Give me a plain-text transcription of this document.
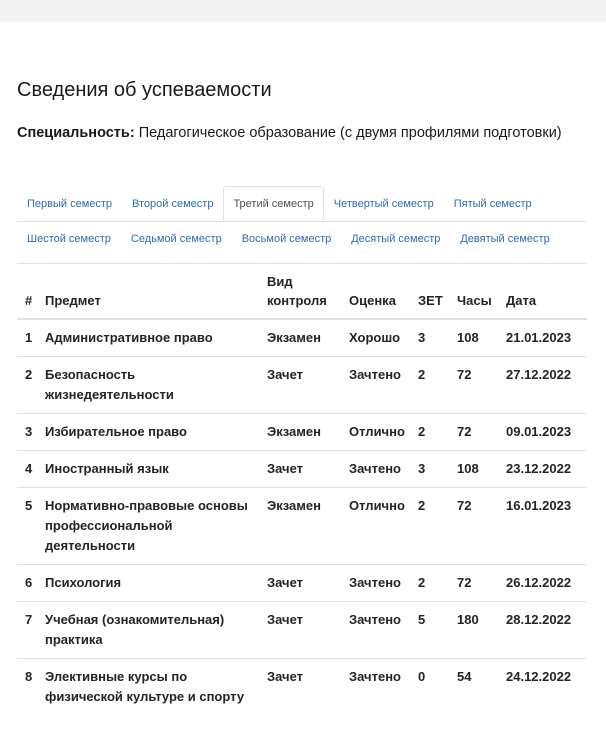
Сведения об успеваемости
Специальность: Педагогическое образование (с двумя профилями подготовки)
Первый семестр	Второй семестр	Третий семестр	Четвертый семестр	Пятый семестр
Шестой семестр	Седьмой семестр	Восьмой семестр	Десятый семестр	Девятый семестр
#	Предмет	Вид контроля	Оценка	ЗЕТ	Часы	Дата
1	Административное право	Экзамен	Хорошо	3	108	21.01.2023
2	Безопасность жизнедеятельности	Зачет	Зачтено	2	72	27.12.2022
3	Избирательное право	Экзамен	Отлично	2	72	09.01.2023
4	Иностранный язык	Зачет	Зачтено	3	108	23.12.2022
5	Нормативно-правовые основы профессиональной деятельности	Экзамен	Отлично	2	72	16.01.2023
6	Психология	Зачет	Зачтено	2	72	26.12.2022
7	Учебная (ознакомительная) практика	Зачет	Зачтено	5	180	28.12.2022
8	Элективные курсы по физической культуре и спорту	Зачет	Зачтено	0	54	24.12.2022
